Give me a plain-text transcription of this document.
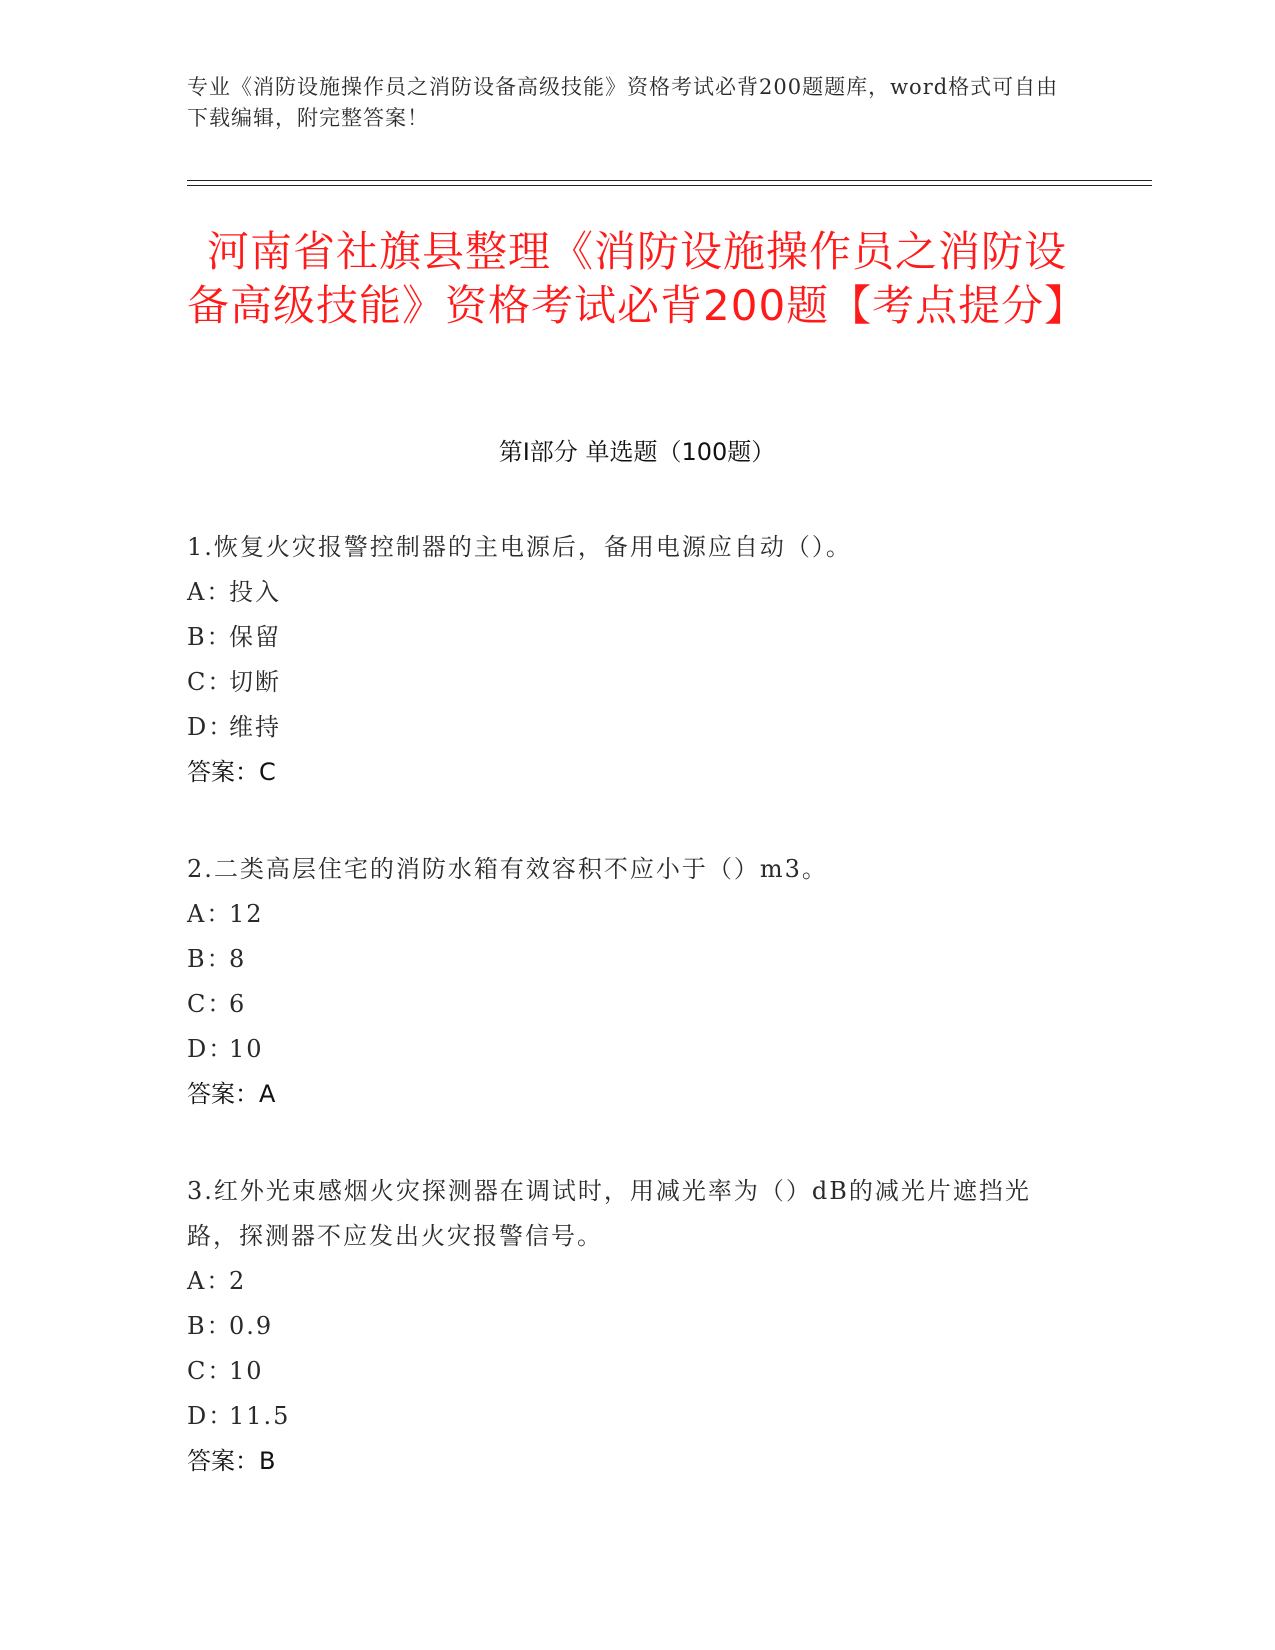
专业《消防设施操作员之消防设备高级技能》资格考试必背200题题库，word格式可自由下载编辑，附完整答案！
河南省社旗县整理《消防设施操作员之消防设备高级技能》资格考试必背200题【考点提分】
第I部分 单选题（100题）
1.恢复火灾报警控制器的主电源后，备用电源应自动（）。
A：投入
B：保留
C：切断
D：维持
答案：C
2.二类高层住宅的消防水箱有效容积不应小于（）m3。
A：12
B：8
C：6
D：10
答案：A
3.红外光束感烟火灾探测器在调试时，用减光率为（）dB的减光片遮挡光路，探测器不应发出火灾报警信号。
A：2
B：0.9
C：10
D：11.5
答案：B
